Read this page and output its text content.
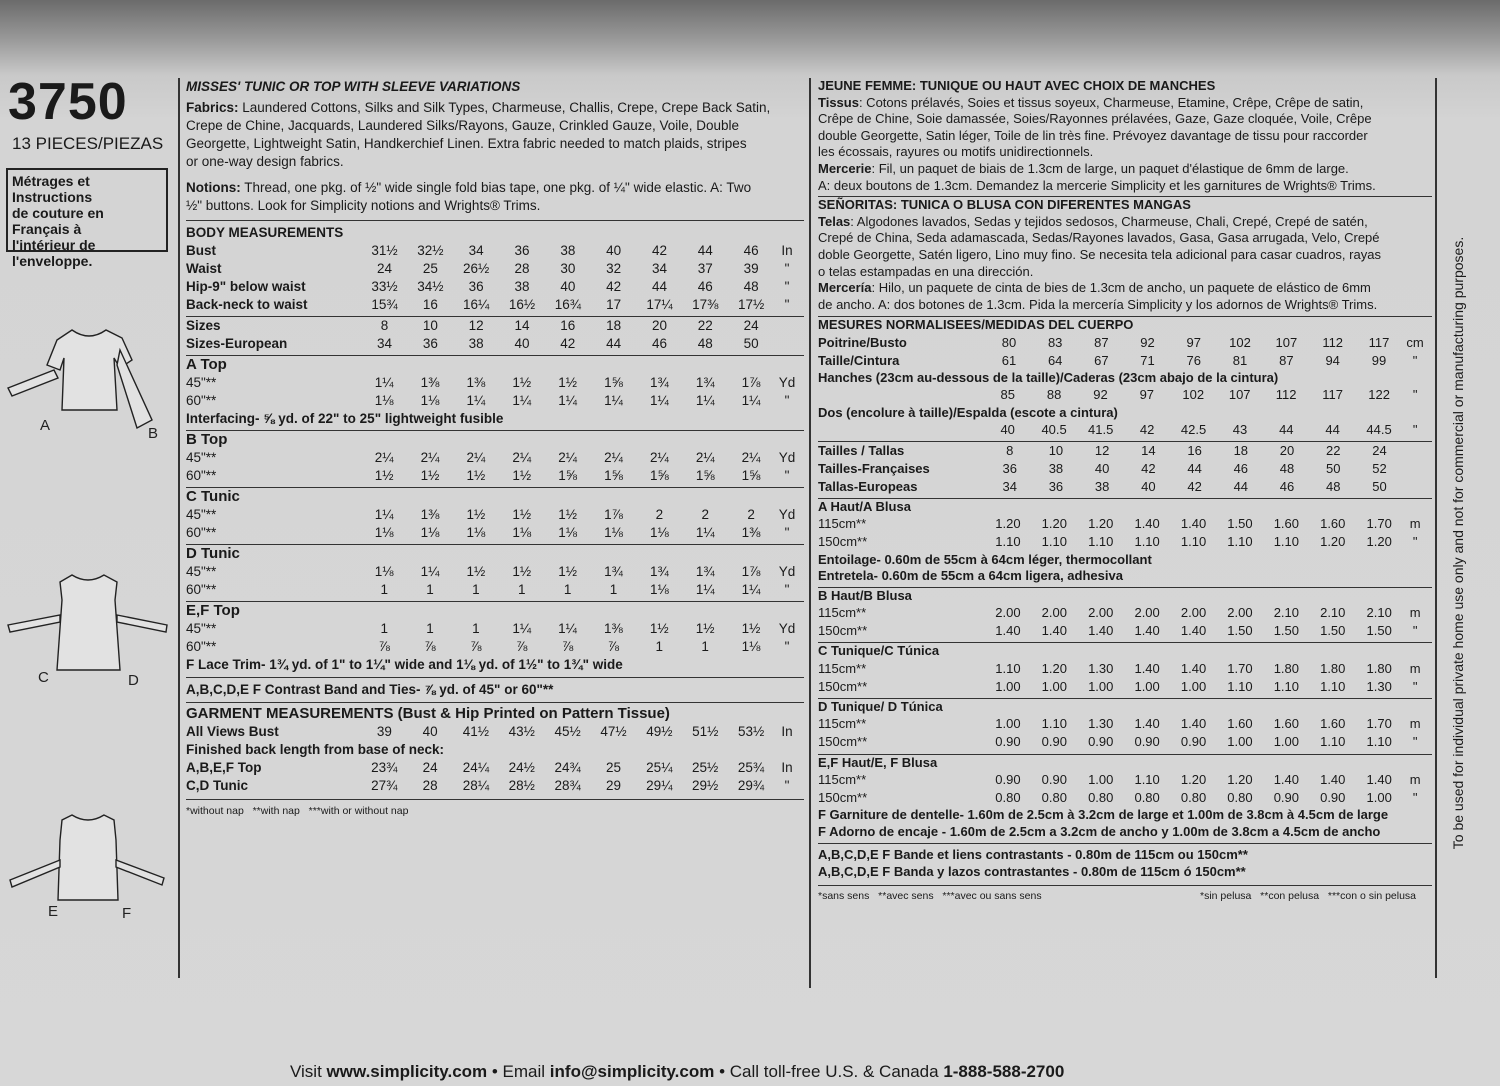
3750
13 PIECES/PIEZAS
Métrages et Instructions
de couture en Français à
l'intérieur de
l'enveloppe.
A	B
C	D
E	F
MISSES' TUNIC OR TOP WITH SLEEVE VARIATIONS
Fabrics: Laundered Cottons, Silks and Silk Types, Charmeuse, Challis, Crepe, Crepe Back Satin,
Crepe de Chine, Jacquards, Laundered Silks/Rayons, Gauze, Crinkled Gauze, Voile, Double
Georgette, Lightweight Satin, Handkerchief Linen. Extra fabric needed to match plaids, stripes
or one-way design fabrics.
Notions: Thread, one pkg. of ½" wide single fold bias tape, one pkg. of ¼" wide elastic. A: Two
½" buttons. Look for Simplicity notions and Wrights® Trims.
BODY MEASUREMENTS
Bust	31½	32½	34	36	38	40	42	44	46	In
Waist	24	25	26½	28	30	32	34	37	39	"
Hip-9" below waist	33½	34½	36	38	40	42	44	46	48	"
Back-neck to waist	15¾	16	16¼	16½	16¾	17	17¼	17⅜	17½	"
Sizes	8	10	12	14	16	18	20	22	24	
Sizes-European	34	36	38	40	42	44	46	48	50	
A Top
45"**	1¼	1⅜	1⅜	1½	1½	1⅝	1¾	1¾	1⅞	Yd
60"**	1⅛	1⅛	1¼	1¼	1¼	1¼	1¼	1¼	1¼	"
Interfacing- ⅝ yd. of 22" to 25" lightweight fusible
B Top
45"**	2¼	2¼	2¼	2¼	2¼	2¼	2¼	2¼	2¼	Yd
60"**	1½	1½	1½	1½	1⅝	1⅝	1⅝	1⅝	1⅝	"
C Tunic
45"**	1¼	1⅜	1½	1½	1½	1⅞	2	2	2	Yd
60"**	1⅛	1⅛	1⅛	1⅛	1⅛	1⅛	1⅛	1¼	1⅜	"
D Tunic
45"**	1⅛	1¼	1½	1½	1½	1¾	1¾	1¾	1⅞	Yd
60"**	1	1	1	1	1	1	1⅛	1¼	1¼	"
E,F Top
45"**	1	1	1	1¼	1¼	1⅜	1½	1½	1½	Yd
60"**	⅞	⅞	⅞	⅞	⅞	⅞	1	1	1⅛	"
F Lace Trim- 1¾ yd. of 1" to 1¼" wide and 1⅛ yd. of 1½" to 1¾" wide
A,B,C,D,E F Contrast Band and Ties- ⅞ yd. of 45" or 60"**
GARMENT MEASUREMENTS (Bust & Hip Printed on Pattern Tissue)
All Views Bust	39	40	41½	43½	45½	47½	49½	51½	53½	In
Finished back length from base of neck:
A,B,E,F Top	23¾	24	24¼	24½	24¾	25	25¼	25½	25¾	In
C,D Tunic	27¾	28	28¼	28½	28¾	29	29¼	29½	29¾	"
*without nap **with nap ***with or without nap
JEUNE FEMME: TUNIQUE OU HAUT AVEC CHOIX DE MANCHES
Tissus: Cotons prélavés, Soies et tissus soyeux, Charmeuse, Etamine, Crêpe, Crêpe de satin,
Crêpe de Chine, Soie damassée, Soies/Rayonnes prélavées, Gaze, Gaze cloquée, Voile, Crêpe
double Georgette, Satin léger, Toile de lin très fine. Prévoyez davantage de tissu pour raccorder
les écossais, rayures ou motifs unidirectionnels.
Mercerie: Fil, un paquet de biais de 1.3cm de large, un paquet d'élastique de 6mm de large.
A: deux boutons de 1.3cm. Demandez la mercerie Simplicity et les garnitures de Wrights® Trims.
SEÑORITAS: TUNICA O BLUSA CON DIFERENTES MANGAS
Telas: Algodones lavados, Sedas y tejidos sedosos, Charmeuse, Chali, Crepé, Crepé de satén,
Crepé de China, Seda adamascada, Sedas/Rayones lavados, Gasa, Gasa arrugada, Velo, Crepé
doble Georgette, Satén ligero, Lino muy fino. Se necesita tela adicional para casar cuadros, rayas
o telas estampadas en una dirección.
Mercería: Hilo, un paquete de cinta de bies de 1.3cm de ancho, un paquete de elástico de 6mm
de ancho. A: dos botones de 1.3cm. Pida la mercería Simplicity y los adornos de Wrights® Trims.
MESURES NORMALISEES/MEDIDAS DEL CUERPO
Poitrine/Busto	80	83	87	92	97	102	107	112	117	cm
Taille/Cintura	61	64	67	71	76	81	87	94	99	"
Hanches (23cm au-dessous de la taille)/Caderas (23cm abajo de la cintura)
	85	88	92	97	102	107	112	117	122	"
Dos (encolure à taille)/Espalda (escote a cintura)
	40	40.5	41.5	42	42.5	43	44	44	44.5	"
Tailles / Tallas	8	10	12	14	16	18	20	22	24	
Tailles-Françaises	36	38	40	42	44	46	48	50	52	
Tallas-Europeas	34	36	38	40	42	44	46	48	50	
A Haut/A Blusa
115cm**	1.20	1.20	1.20	1.40	1.40	1.50	1.60	1.60	1.70	m
150cm**	1.10	1.10	1.10	1.10	1.10	1.10	1.10	1.20	1.20	"
Entoilage- 0.60m de 55cm à 64cm léger, thermocollant
Entretela- 0.60m de 55cm a 64cm ligera, adhesiva
B Haut/B Blusa
115cm**	2.00	2.00	2.00	2.00	2.00	2.00	2.10	2.10	2.10	m
150cm**	1.40	1.40	1.40	1.40	1.40	1.50	1.50	1.50	1.50	"
C Tunique/C Túnica
115cm**	1.10	1.20	1.30	1.40	1.40	1.70	1.80	1.80	1.80	m
150cm**	1.00	1.00	1.00	1.00	1.00	1.10	1.10	1.10	1.30	"
D Tunique/ D Túnica
115cm**	1.00	1.10	1.30	1.40	1.40	1.60	1.60	1.60	1.70	m
150cm**	0.90	0.90	0.90	0.90	0.90	1.00	1.00	1.10	1.10	"
E,F Haut/E, F Blusa
115cm**	0.90	0.90	1.00	1.10	1.20	1.20	1.40	1.40	1.40	m
150cm**	0.80	0.80	0.80	0.80	0.80	0.80	0.90	0.90	1.00	"
F Garniture de dentelle- 1.60m de 2.5cm à 3.2cm de large et 1.00m de 3.8cm à 4.5cm de large
F Adorno de encaje - 1.60m de 2.5cm a 3.2cm de ancho y 1.00m de 3.8cm a 4.5cm de ancho
A,B,C,D,E F Bande et liens contrastants - 0.80m de 115cm ou 150cm**
A,B,C,D,E F Banda y lazos contrastantes - 0.80m de 115cm ó 150cm**
*sans sens **avec sens ***avec ou sans sens	*sin pelusa **con pelusa ***con o sin pelusa
To be used for individual private home use only and not for commercial or manufacturing purposes.
Visit www.simplicity.com • Email info@simplicity.com • Call toll-free U.S. & Canada 1-888-588-2700
